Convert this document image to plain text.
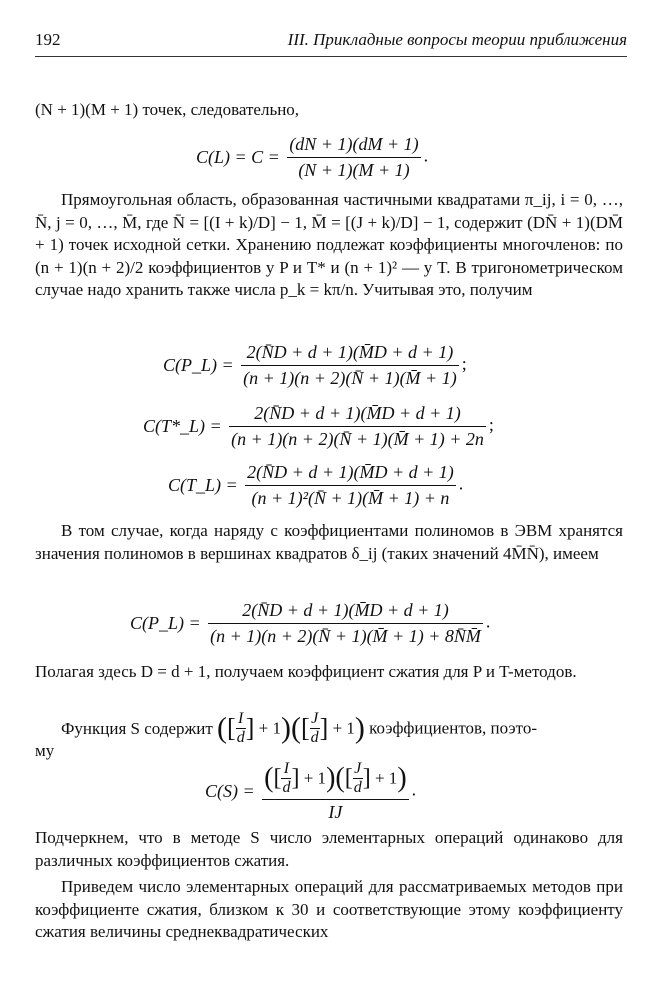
192	III. Прикладные вопросы теории приближения
(N + 1)(M + 1) точек, следовательно,
$C(L) = C = \frac{(dN + 1)(dM + 1)}{(N + 1)(M + 1)}$ .
Прямоугольная область, образованная частичными квадратами π_ij, i = 0, …, N̄, j = 0, …, M̄, где N̄ = [(I + k)/D] − 1, M̄ = [(J + k)/D] − 1, содержит (DN̄ + 1)(DM̄ + 1) точек исходной сетки. Хранению подлежат коэффициенты многочленов: по (n + 1)(n + 2)/2 коэффициентов у P и T* и (n + 1)² — у T. В тригонометрическом случае надо хранить также числа p_k = kπ/n. Учитывая это, получим
C(P_L) = $\frac{2(N̄D + d + 1)(M̄D + d + 1)}{(n + 1)(n + 2)(N̄ + 1)(M̄ + 1)}$ ;
C(T*_L) = $\frac{2(N̄D + d + 1)(M̄D + d + 1)}{(n + 1)(n + 2)(N̄ + 1)(M̄ + 1) + 2n}$ ;
C(T_L) = $\frac{2(N̄D + d + 1)(M̄D + d + 1)}{\text{(n + 1)²(N̄ + 1)(M̄ + 1) + n}}$ .
В том случае, когда наряду с коэффициентами полиномов в ЭВМ хранятся значения полиномов в вершинах квадратов δ_ij (таких значений 4M̄N̄), имеем
C(P_L) = $\frac{2(N̄D + d + 1)(M̄D + d + 1)}{(n + 1)(n + 2)(N̄ + 1)(M̄ + 1) + 8N̄M̄}$ .
Полагая здесь D = d + 1, получаем коэффициент сжатия для P и T-методов.
Функция S содержит ([ $\frac{I}{d}$ ] + $1)([ \frac{J}{d}$ ] + 1) коэффициентов, поэто-
му
$C(S) = \frac{([ \frac{I}{d} ] + 1)([ \frac{J}{d} ] + 1)}{IJ}$ .
Подчеркнем, что в методе S число элементарных операций одинаково для различных коэффициентов сжатия.
Приведем число элементарных операций для рассматриваемых методов при коэффициенте сжатия, близком к 30 и соответствующие этому коэффициенту сжатия величины среднеквадратических
